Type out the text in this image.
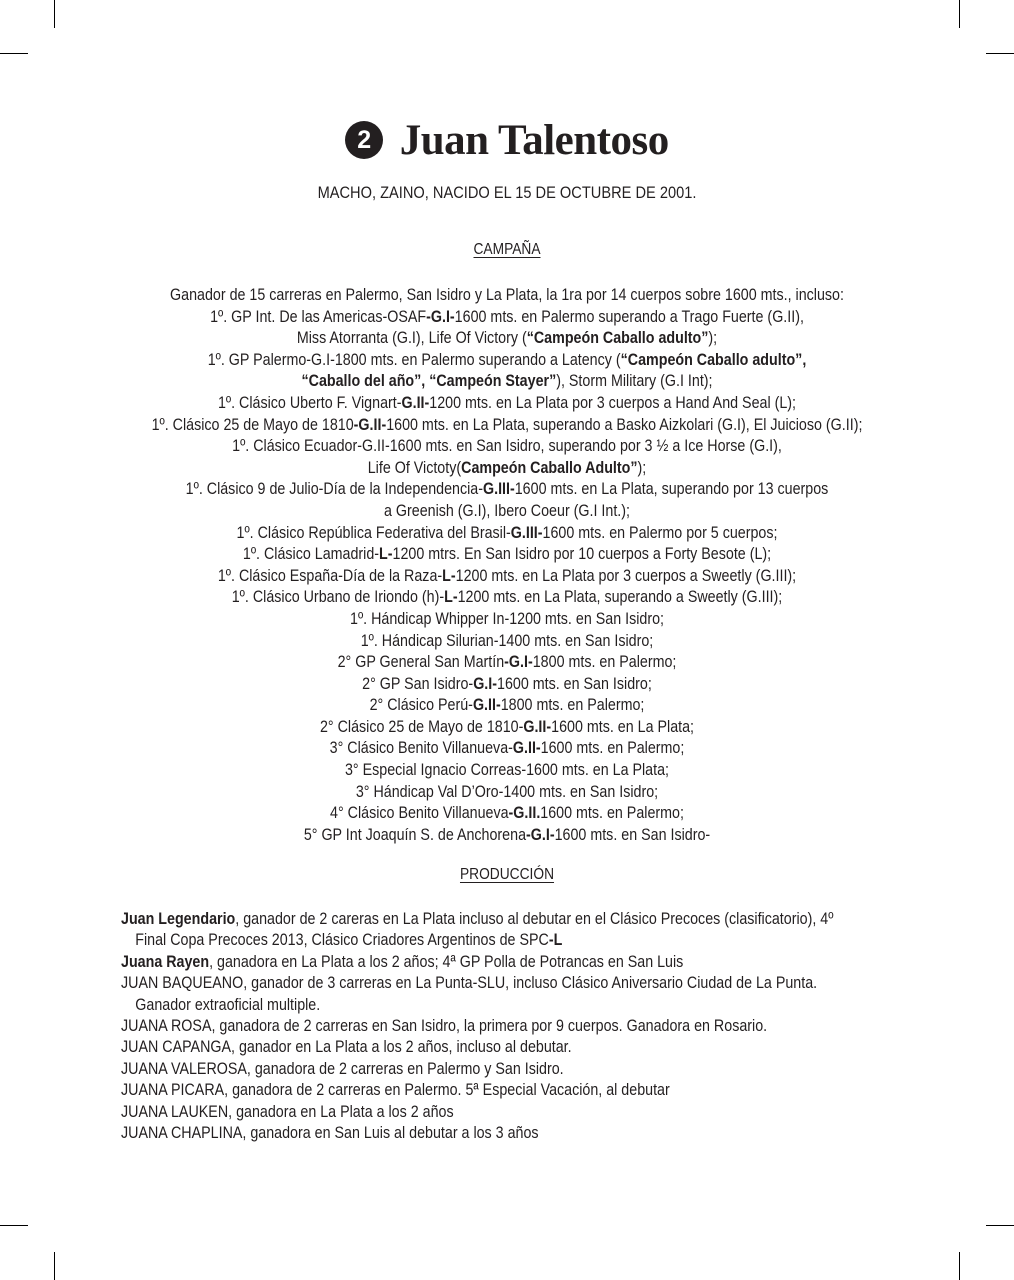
2 Juan Talentoso
MACHO, ZAINO, NACIDO EL 15 DE OCTUBRE DE 2001.
CAMPAÑA
Ganador de 15 carreras en Palermo, San Isidro y La Plata, la 1ra por 14 cuerpos sobre 1600 mts., incluso:
1º. GP Int. De las Americas-OSAF-G.I-1600 mts. en Palermo superando a Trago Fuerte (G.II),
Miss Atorranta (G.I), Life Of Victory (“Campeón Caballo adulto”);
1º. GP Palermo-G.I-1800 mts. en Palermo superando a Latency (“Campeón Caballo adulto”,
“Caballo del año”, “Campeón Stayer”), Storm Military (G.I Int);
1º. Clásico Uberto F. Vignart-G.II-1200 mts. en La Plata por 3 cuerpos a Hand And Seal (L);
1º. Clásico 25 de Mayo de 1810-G.II-1600 mts. en La Plata, superando a Basko Aizkolari (G.I), El Juicioso (G.II);
1º. Clásico Ecuador-G.II-1600 mts. en San Isidro, superando por 3 ½ a Ice Horse (G.I),
Life Of Victoty(Campeón Caballo Adulto”);
1º. Clásico 9 de Julio-Día de la Independencia-G.III-1600 mts. en La Plata, superando por 13 cuerpos
a Greenish (G.I), Ibero Coeur (G.I Int.);
1º. Clásico República Federativa del Brasil-G.III-1600 mts. en Palermo por 5 cuerpos;
1º. Clásico Lamadrid-L-1200 mtrs. En San Isidro por 10 cuerpos a Forty Besote (L);
1º. Clásico España-Día de la Raza-L-1200 mts. en La Plata por 3 cuerpos a Sweetly (G.III);
1º. Clásico Urbano de Iriondo (h)-L-1200 mts. en La Plata, superando a Sweetly (G.III);
1º. Hándicap Whipper In-1200 mts. en San Isidro;
1º. Hándicap Silurian-1400 mts. en San Isidro;
2° GP General San Martín-G.I-1800 mts. en Palermo;
2° GP San Isidro-G.I-1600 mts. en San Isidro;
2° Clásico Perú-G.II-1800 mts. en Palermo;
2° Clásico 25 de Mayo de 1810-G.II-1600 mts. en La Plata;
3° Clásico Benito Villanueva-G.II-1600 mts. en Palermo;
3° Especial Ignacio Correas-1600 mts. en La Plata;
3° Hándicap Val D’Oro-1400 mts. en San Isidro;
4° Clásico Benito Villanueva-G.II.1600 mts. en Palermo;
5° GP Int Joaquín S. de Anchorena-G.I-1600 mts. en San Isidro-
PRODUCCIÓN
Juan Legendario, ganador de 2 careras en La Plata incluso al debutar en el Clásico Precoces (clasificatorio), 4º
Final Copa Precoces 2013, Clásico Criadores Argentinos de SPC-L
Juana Rayen, ganadora en La Plata a los 2 años; 4ª GP Polla de Potrancas en San Luis
JUAN BAQUEANO, ganador de 3 carreras en La Punta-SLU, incluso Clásico Aniversario Ciudad de La Punta.
Ganador extraoficial multiple.
JUANA ROSA, ganadora de 2 carreras en San Isidro, la primera por 9 cuerpos. Ganadora en Rosario.
JUAN CAPANGA, ganador en La Plata a los 2 años, incluso al debutar.
JUANA VALEROSA, ganadora de 2 carreras en Palermo y San Isidro.
JUANA PICARA, ganadora de 2 carreras en Palermo. 5ª Especial Vacación, al debutar
JUANA LAUKEN, ganadora en La Plata a los 2 años
JUANA CHAPLINA, ganadora en San Luis al debutar a los 3 años
